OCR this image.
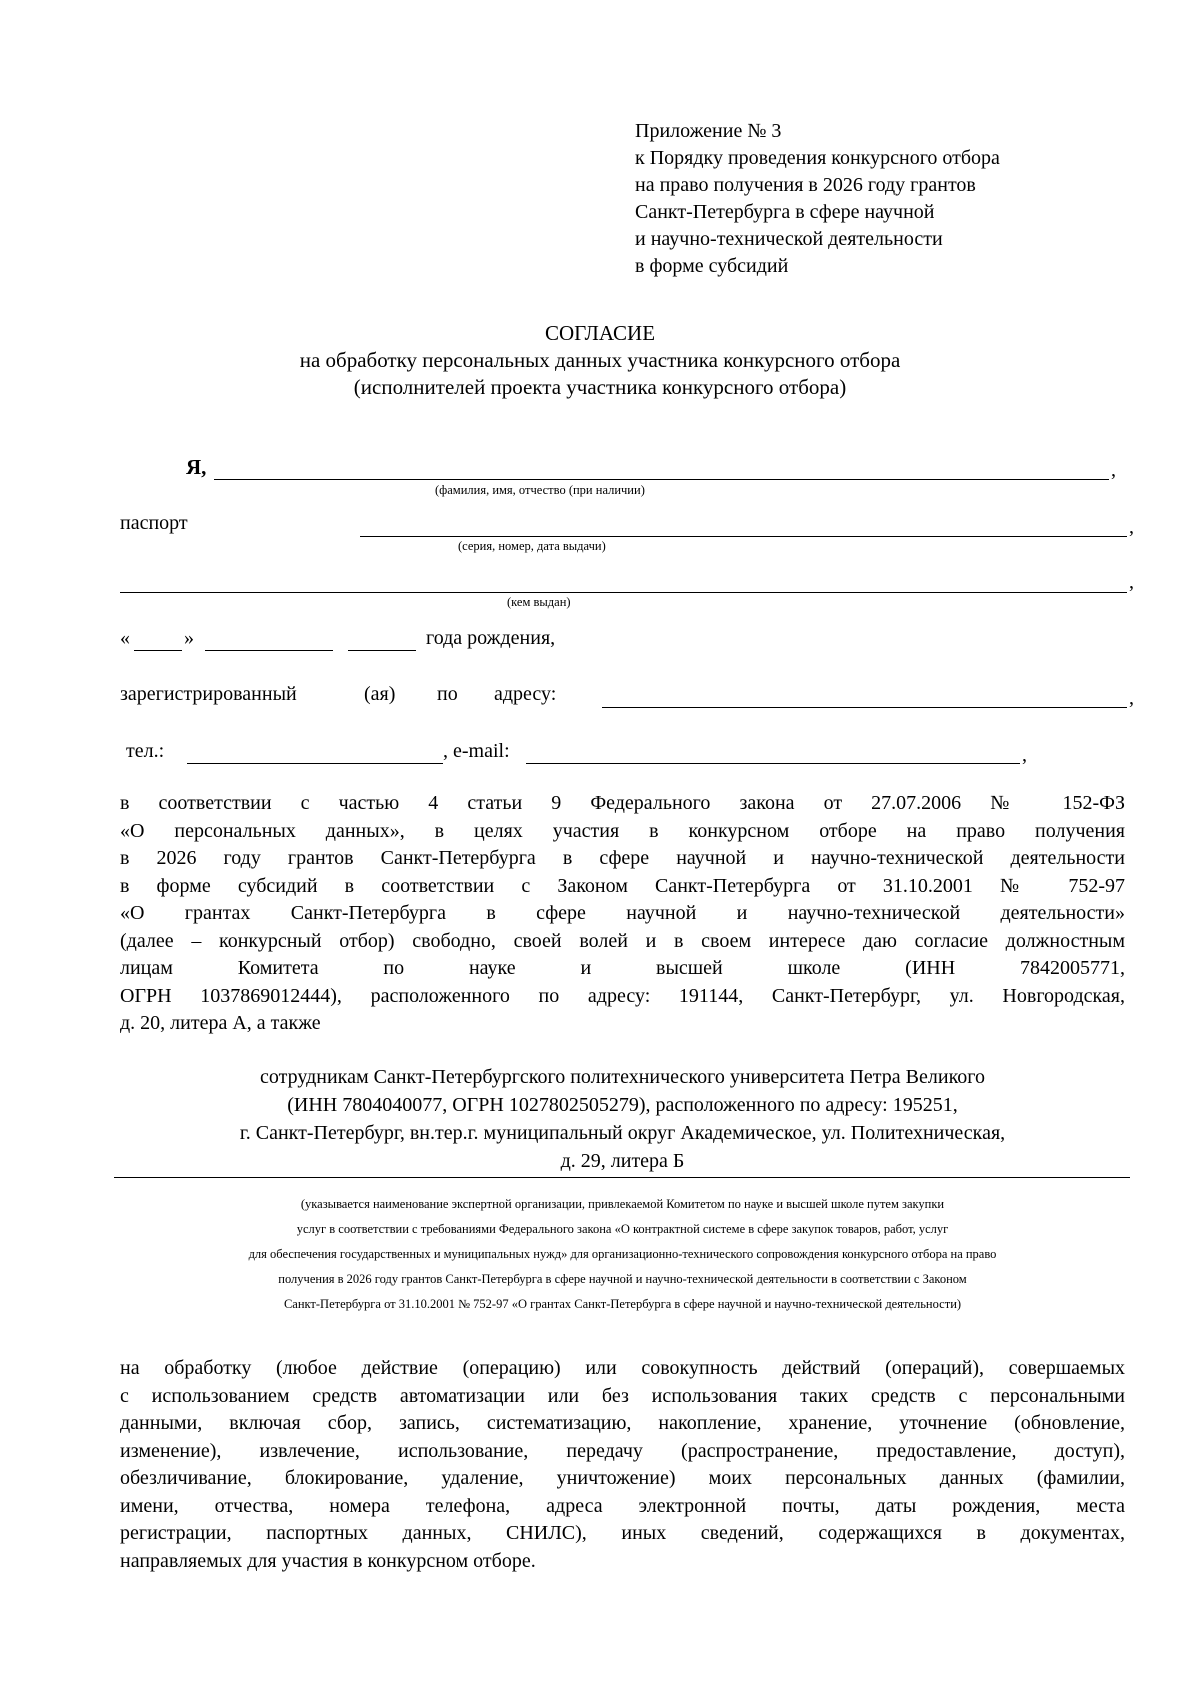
Приложение № 3
к Порядку проведения конкурсного отбора
на право получения в 2026 году грантов
Санкт-Петербурга в сфере научной
и научно-технической деятельности
в форме субсидий
СОГЛАСИЕ
на обработку персональных данных участника конкурсного отбора
(исполнителей проекта участника конкурсного отбора)
Я,	,
(фамилия, имя, отчество (при наличии)
паспорт	,
(серия, номер, дата выдачи)
,
(кем выдан)
«	»	года рождения,
зарегистрированный	(ая) по адресу:	,
тел.:	, e-mail:	,
в соответствии с частью 4 статьи 9 Федерального закона от 27.07.2006 № 152-ФЗ
«О персональных данных», в целях участия в конкурсном отборе на право получения
в 2026 году грантов Санкт-Петербурга в сфере научной и научно-технической деятельности
в форме субсидий в соответствии с Законом Санкт-Петербурга от 31.10.2001 № 752-97
«О грантах Санкт-Петербурга в сфере научной и научно-технической деятельности»
(далее – конкурсный отбор) свободно, своей волей и в своем интересе даю согласие должностным
лицам Комитета по науке и высшей школе (ИНН 7842005771,
ОГРН 1037869012444), расположенного по адресу: 191144, Санкт-Петербург, ул. Новгородская,
д. 20, литера А, а также
сотрудникам Санкт-Петербургского политехнического университета Петра Великого
(ИНН 7804040077, ОГРН 1027802505279), расположенного по адресу: 195251,
г. Санкт-Петербург, вн.тер.г. муниципальный округ Академическое, ул. Политехническая,
д. 29, литера Б
(указывается наименование экспертной организации, привлекаемой Комитетом по науке и высшей школе путем закупки
услуг в соответствии с требованиями Федерального закона «О контрактной системе в сфере закупок товаров, работ, услуг
для обеспечения государственных и муниципальных нужд» для организационно-технического сопровождения конкурсного отбора на право
получения в 2026 году грантов Санкт-Петербурга в сфере научной и научно-технической деятельности в соответствии с Законом
Санкт-Петербурга от 31.10.2001 № 752-97 «О грантах Санкт-Петербурга в сфере научной и научно-технической деятельности)
на обработку (любое действие (операцию) или совокупность действий (операций), совершаемых
с использованием средств автоматизации или без использования таких средств с персональными
данными, включая сбор, запись, систематизацию, накопление, хранение, уточнение (обновление,
изменение), извлечение, использование, передачу (распространение, предоставление, доступ),
обезличивание, блокирование, удаление, уничтожение) моих персональных данных (фамилии,
имени, отчества, номера телефона, адреса электронной почты, даты рождения, места
регистрации, паспортных данных, СНИЛС), иных сведений, содержащихся в документах,
направляемых для участия в конкурсном отборе.
